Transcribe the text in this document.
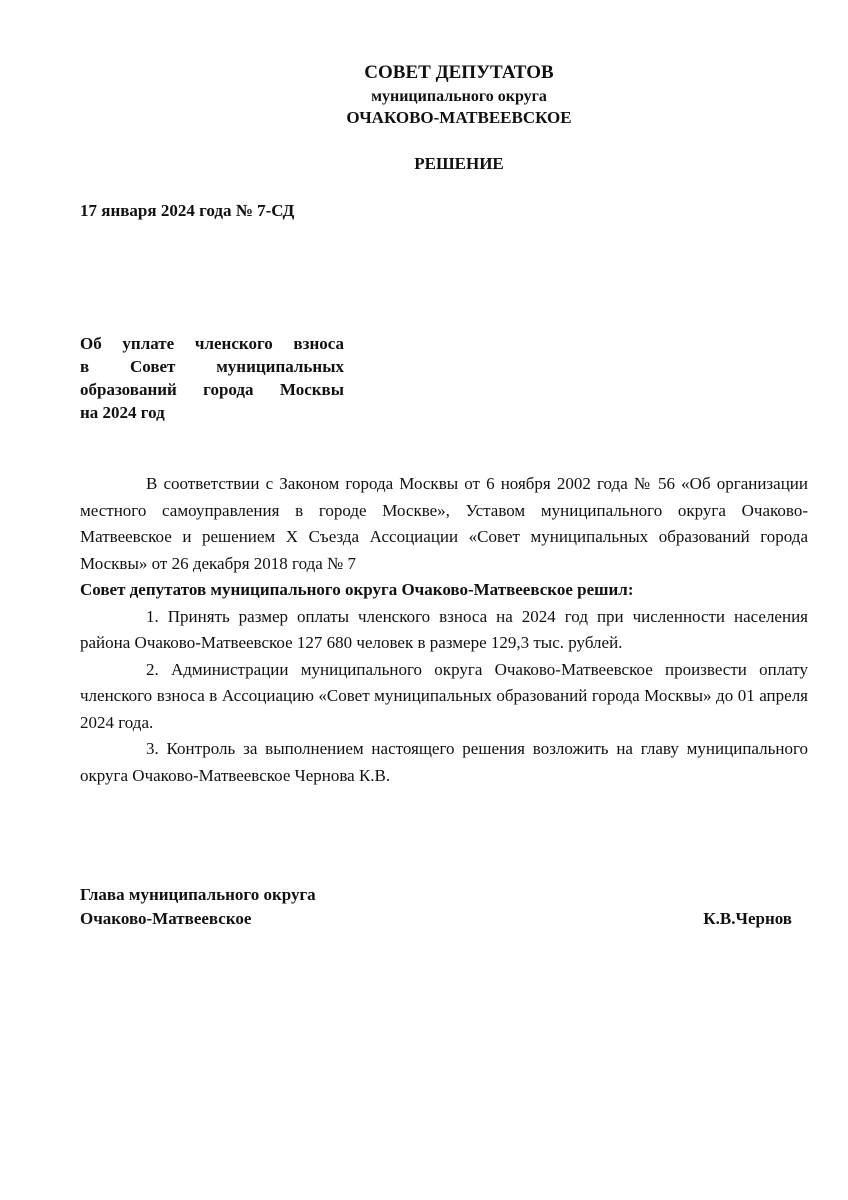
СОВЕТ ДЕПУТАТОВ
муниципального округа
ОЧАКОВО-МАТВЕЕВСКОЕ
РЕШЕНИЕ
17 января 2024 года № 7-СД
Об уплате членского взноса
в Совет муниципальных
образований города Москвы
на 2024 год

В соответствии с Законом города Москвы от 6 ноября 2002 года № 56 «Об организации местного самоуправления в городе Москве», Уставом муниципального округа Очаково-Матвеевское и решением X Съезда Ассоциации «Совет муниципальных образований города Москвы» от 26 декабря 2018 года № 7

Совет депутатов муниципального округа Очаково-Матвеевское решил:

1. Принять размер оплаты членского взноса на 2024 год при численности населения района Очаково-Матвеевское 127 680 человек в размере 129,3 тыс. рублей.

2. Администрации муниципального округа Очаково-Матвеевское произвести оплату членского взноса в Ассоциацию «Совет муниципальных образований города Москвы» до 01 апреля 2024 года.

3. Контроль за выполнением настоящего решения возложить на главу муниципального округа Очаково-Матвеевское Чернова К.В.

Глава муниципального округа
Очаково-Матвеевское	К.В.Чернов
